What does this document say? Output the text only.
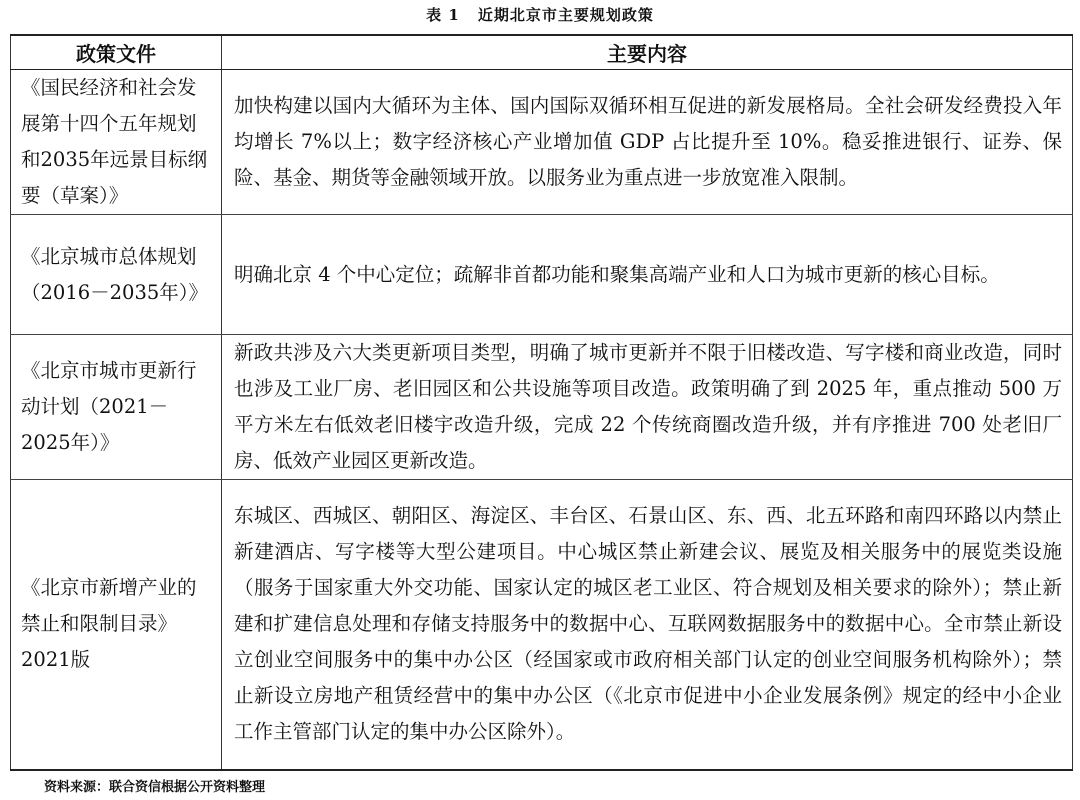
表 1 近期北京市主要规划政策
政策文件	主要内容
《国民经济和社会发展第十四个五年规划和2035年远景目标纲要（草案）》	加快构建以国内大循环为主体、国内国际双循环相互促进的新发展格局。全社会研发经费投入年均增长 7%以上；数字经济核心产业增加值 GDP 占比提升至 10%。稳妥推进银行、证券、保险、基金、期货等金融领域开放。以服务业为重点进一步放宽准入限制。
《北京城市总体规划（2016－2035年）》	明确北京 4 个中心定位；疏解非首都功能和聚集高端产业和人口为城市更新的核心目标。
《北京市城市更新行动计划（2021－2025年）》	新政共涉及六大类更新项目类型，明确了城市更新并不限于旧楼改造、写字楼和商业改造，同时也涉及工业厂房、老旧园区和公共设施等项目改造。政策明确了到 2025 年，重点推动 500 万平方米左右低效老旧楼宇改造升级，完成 22 个传统商圈改造升级，并有序推进 700 处老旧厂房、低效产业园区更新改造。
《北京市新增产业的禁止和限制目录》2021版	东城区、西城区、朝阳区、海淀区、丰台区、石景山区、东、西、北五环路和南四环路以内禁止新建酒店、写字楼等大型公建项目。中心城区禁止新建会议、展览及相关服务中的展览类设施（服务于国家重大外交功能、国家认定的城区老工业区、符合规划及相关要求的除外）；禁止新建和扩建信息处理和存储支持服务中的数据中心、互联网数据服务中的数据中心。全市禁止新设立创业空间服务中的集中办公区（经国家或市政府相关部门认定的创业空间服务机构除外）；禁止新设立房地产租赁经营中的集中办公区（《北京市促进中小企业发展条例》规定的经中小企业工作主管部门认定的集中办公区除外）。
资料来源：联合资信根据公开资料整理
